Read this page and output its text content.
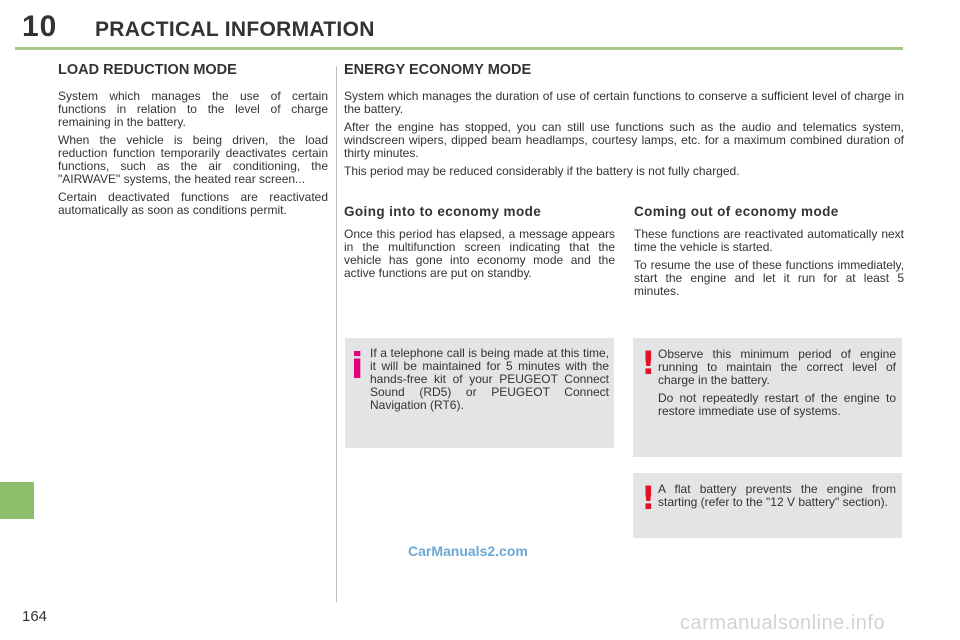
10 PRACTICAL INFORMATION
LOAD REDUCTION MODE

System which manages the use of certain functions in relation to the level of charge remaining in the battery.

When the vehicle is being driven, the load reduction function temporarily deactivates certain functions, such as the air conditioning, the "AIRWAVE" systems, the heated rear screen...

Certain deactivated functions are reactivated automatically as soon as conditions permit.

ENERGY ECONOMY MODE

System which manages the duration of use of certain functions to conserve a sufficient level of charge in the battery.

After the engine has stopped, you can still use functions such as the audio and telematics system, windscreen wipers, dipped beam headlamps, courtesy lamps, etc. for a maximum combined duration of thirty minutes.

This period may be reduced considerably if the battery is not fully charged.

Going into to economy mode

Once this period has elapsed, a message appears in the multifunction screen indicating that the vehicle has gone into economy mode and the active functions are put on standby.

Coming out of economy mode

These functions are reactivated automatically next time the vehicle is started.

To resume the use of these functions immediately, start the engine and let it run for at least 5 minutes.

i If a telephone call is being made at this time, it will be maintained for 5 minutes with the hands-free kit of your PEUGEOT Connect Sound (RD5) or PEUGEOT Connect Navigation (RT6).

! Observe this minimum period of engine running to maintain the correct level of charge in the battery.

Do not repeatedly restart of the engine to restore immediate use of systems.

! A flat battery prevents the engine from starting (refer to the "12 V battery" section).

CarManuals2.com
carmanualsonline.info
164
